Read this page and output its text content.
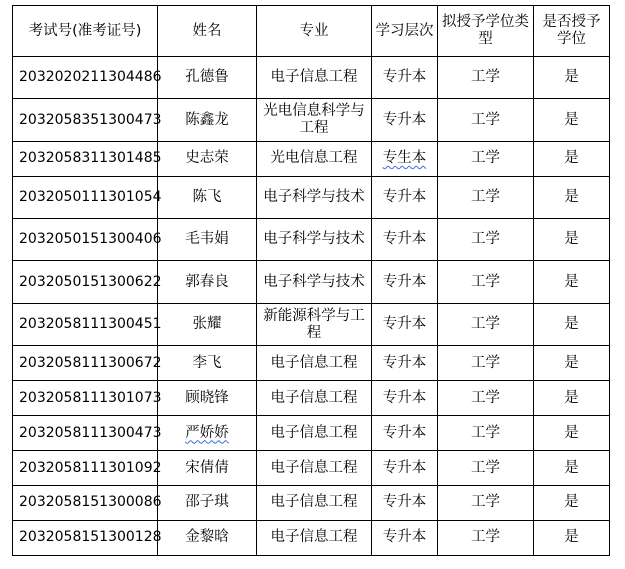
考试号(准考证号)	姓名	专业	学习层次	拟授予学位类型	是否授予学位
2032020211304486	孔德鲁	电子信息工程	专升本	工学	是
2032058351300473	陈鑫龙	光电信息科学与工程	专升本	工学	是
2032058311301485	史志荣	光电信息工程	专生本	工学	是
2032050111301054	陈飞	电子科学与技术	专升本	工学	是
2032050151300406	毛韦娟	电子科学与技术	专升本	工学	是
2032050151300622	郭春良	电子科学与技术	专升本	工学	是
2032058111300451	张耀	新能源科学与工程	专升本	工学	是
2032058111300672	李飞	电子信息工程	专升本	工学	是
2032058111301073	顾晓锋	电子信息工程	专升本	工学	是
2032058111300473	严娇娇	电子信息工程	专升本	工学	是
2032058111301092	宋倩倩	电子信息工程	专升本	工学	是
2032058151300086	邵子琪	电子信息工程	专升本	工学	是
2032058151300128	金黎晗	电子信息工程	专升本	工学	是
